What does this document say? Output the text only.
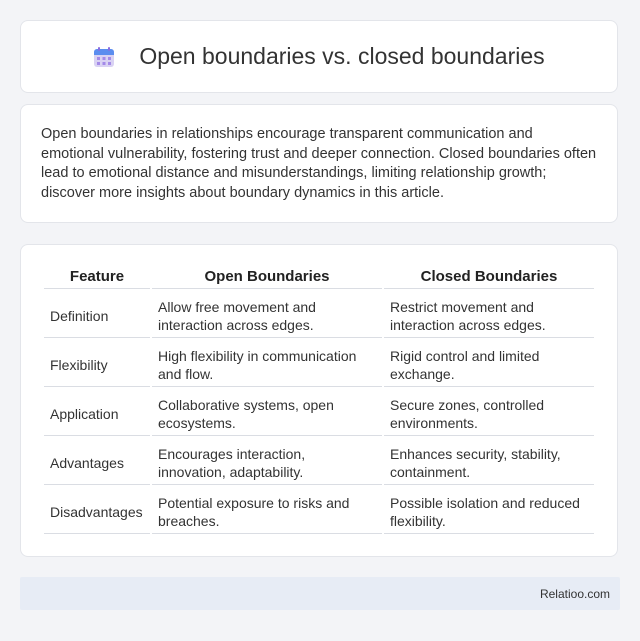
Open boundaries vs. closed boundaries

Open boundaries in relationships encourage transparent communication and emotional vulnerability, fostering trust and deeper connection. Closed boundaries often lead to emotional distance and misunderstandings, limiting relationship growth; discover more insights about boundary dynamics in this article.

Feature	Open Boundaries	Closed Boundaries
Definition	Allow free movement and interaction across edges.	Restrict movement and interaction across edges.
Flexibility	High flexibility in communication and flow.	Rigid control and limited exchange.
Application	Collaborative systems, open ecosystems.	Secure zones, controlled environments.
Advantages	Encourages interaction, innovation, adaptability.	Enhances security, stability, containment.
Disadvantages	Potential exposure to risks and breaches.	Possible isolation and reduced flexibility.
Relatioo.com
